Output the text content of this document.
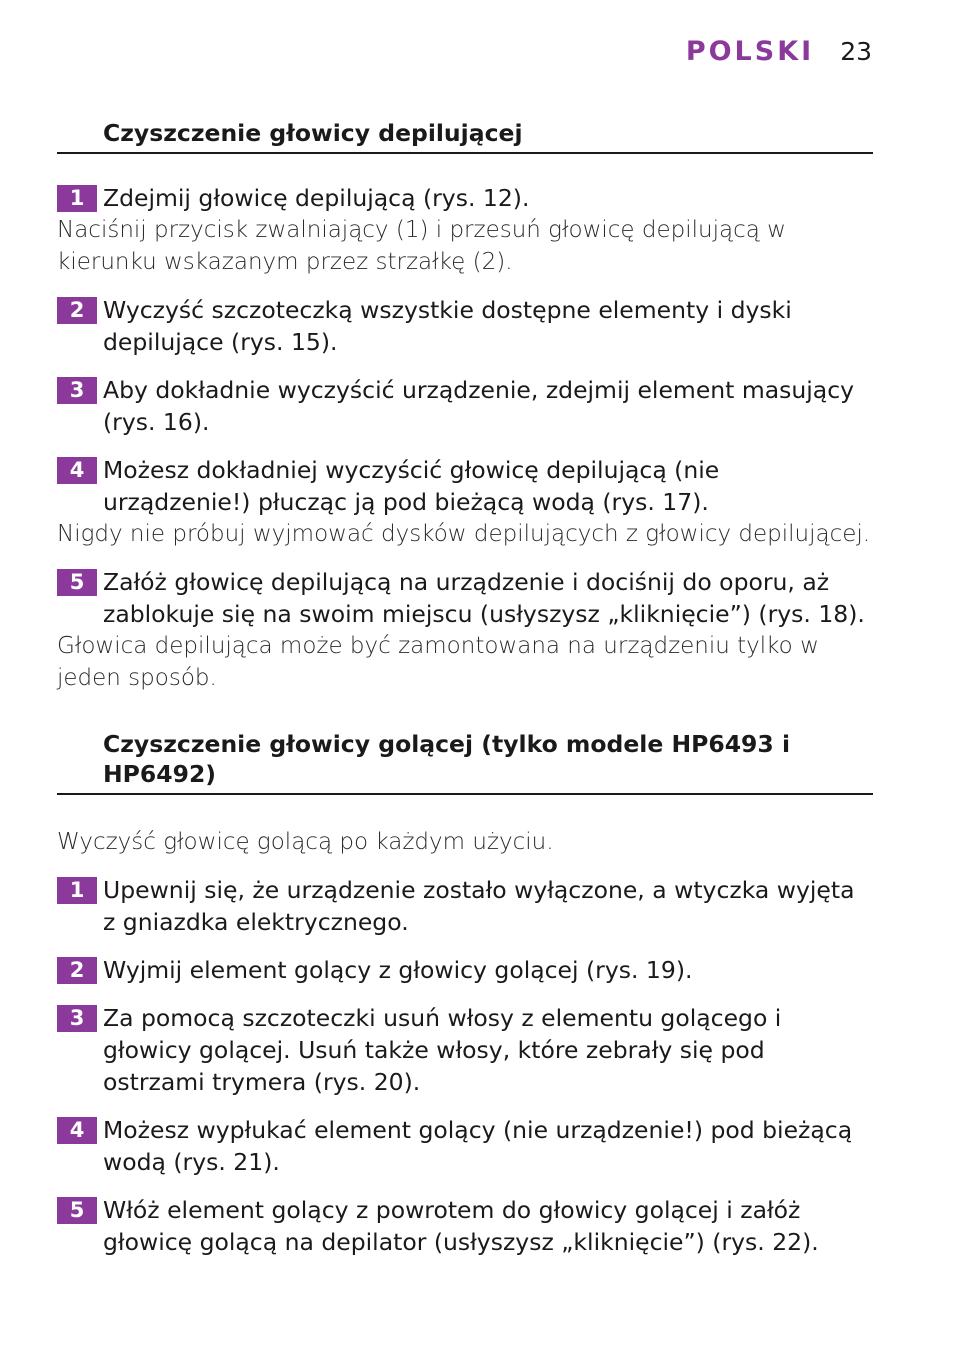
POLSKI 23
Czyszczenie głowicy depilującej
1 Zdejmij głowicę depilującą (rys. 12).

Naciśnij przycisk zwalniający (1) i przesuń głowicę depilującą w kierunku wskazanym przez strzałkę (2).

2 Wyczyść szczoteczką wszystkie dostępne elementy i dyski depilujące (rys. 15).
3 Aby dokładnie wyczyścić urządzenie, zdejmij element masujący (rys. 16).
4 Możesz dokładniej wyczyścić głowicę depilującą (nie urządzenie!) płucząc ją pod bieżącą wodą (rys. 17).

Nigdy nie próbuj wyjmować dysków depilujących z głowicy depilującej.

5 Załóż głowicę depilującą na urządzenie i dociśnij do oporu, aż zablokuje się na swoim miejscu (usłyszysz „kliknięcie”) (rys. 18).

Głowica depilująca może być zamontowana na urządzeniu tylko w jeden sposób.

Czyszczenie głowicy golącej (tylko modele HP6493 i HP6492)

Wyczyść głowicę golącą po każdym użyciu.

1 Upewnij się, że urządzenie zostało wyłączone, a wtyczka wyjęta z gniazdka elektrycznego.
2 Wyjmij element golący z głowicy golącej (rys. 19).
3 Za pomocą szczoteczki usuń włosy z elementu golącego i głowicy golącej. Usuń także włosy, które zebrały się pod ostrzami trymera (rys. 20).
4 Możesz wypłukać element golący (nie urządzenie!) pod bieżącą wodą (rys. 21).
5 Włóż element golący z powrotem do głowicy golącej i załóż głowicę golącą na depilator (usłyszysz „kliknięcie”) (rys. 22).
